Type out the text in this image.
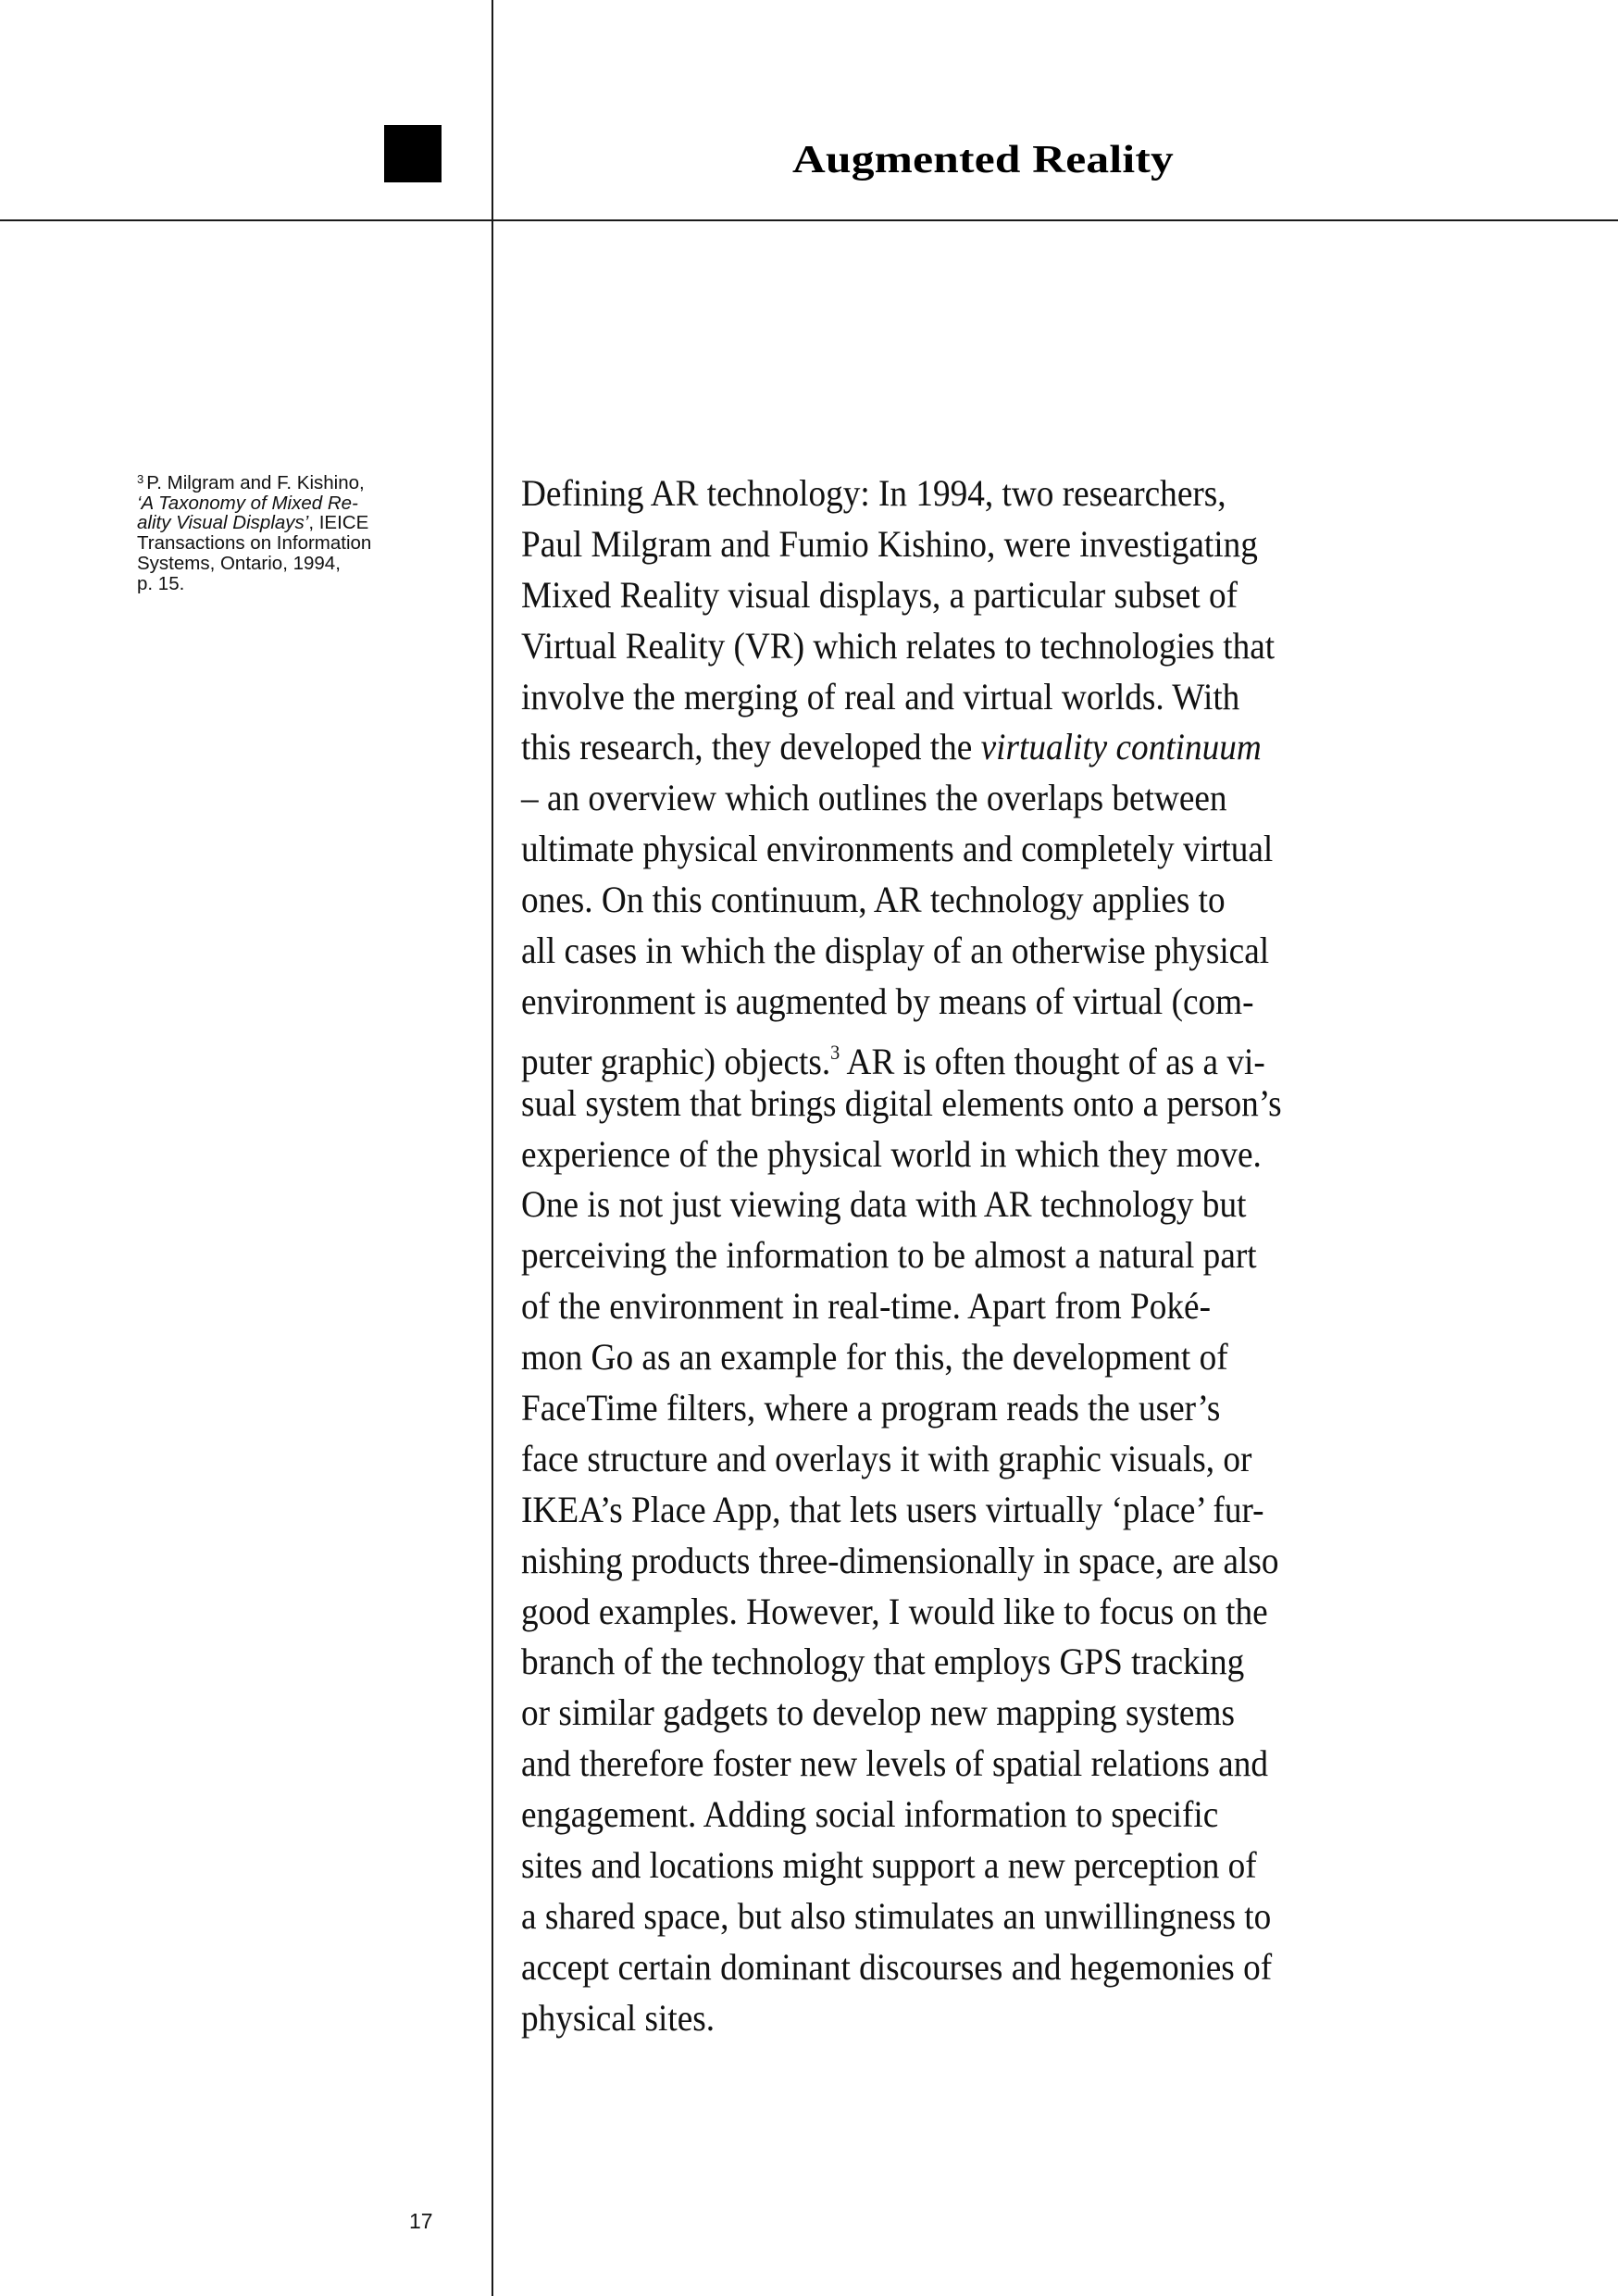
Augmented Reality
$^3$ P. Milgram and F. Kishino,
‘A Taxonomy of Mixed Re-
ality Visual Displays’, IEICE
Transactions on Information
Systems, Ontario, 1994,
p. 15.
Defining AR technology: In 1994, two researchers,
Paul Milgram and Fumio Kishino, were investigating
Mixed Reality visual displays, a particular subset of
Virtual Reality (VR) which relates to technologies that
involve the merging of real and virtual worlds. With
this research, they developed the virtuality continuum
– an overview which outlines the overlaps between
ultimate physical environments and completely virtual
ones. On this continuum, AR technology applies to
all cases in which the display of an otherwise physical
environment is augmented by means of virtual (com-
puter graphic) objects.$^3$ AR is often thought of as a vi-
sual system that brings digital elements onto a person’s
experience of the physical world in which they move.
One is not just viewing data with AR technology but
perceiving the information to be almost a natural part
of the environment in real-time. Apart from Poké-
mon Go as an example for this, the development of
FaceTime filters, where a program reads the user’s
face structure and overlays it with graphic visuals, or
IKEA’s Place App, that lets users virtually ‘place’ fur-
nishing products three-dimensionally in space, are also
good examples. However, I would like to focus on the
branch of the technology that employs GPS tracking
or similar gadgets to develop new mapping systems
and therefore foster new levels of spatial relations and
engagement. Adding social information to specific
sites and locations might support a new perception of
a shared space, but also stimulates an unwillingness to
accept certain dominant discourses and hegemonies of
physical sites.
17
